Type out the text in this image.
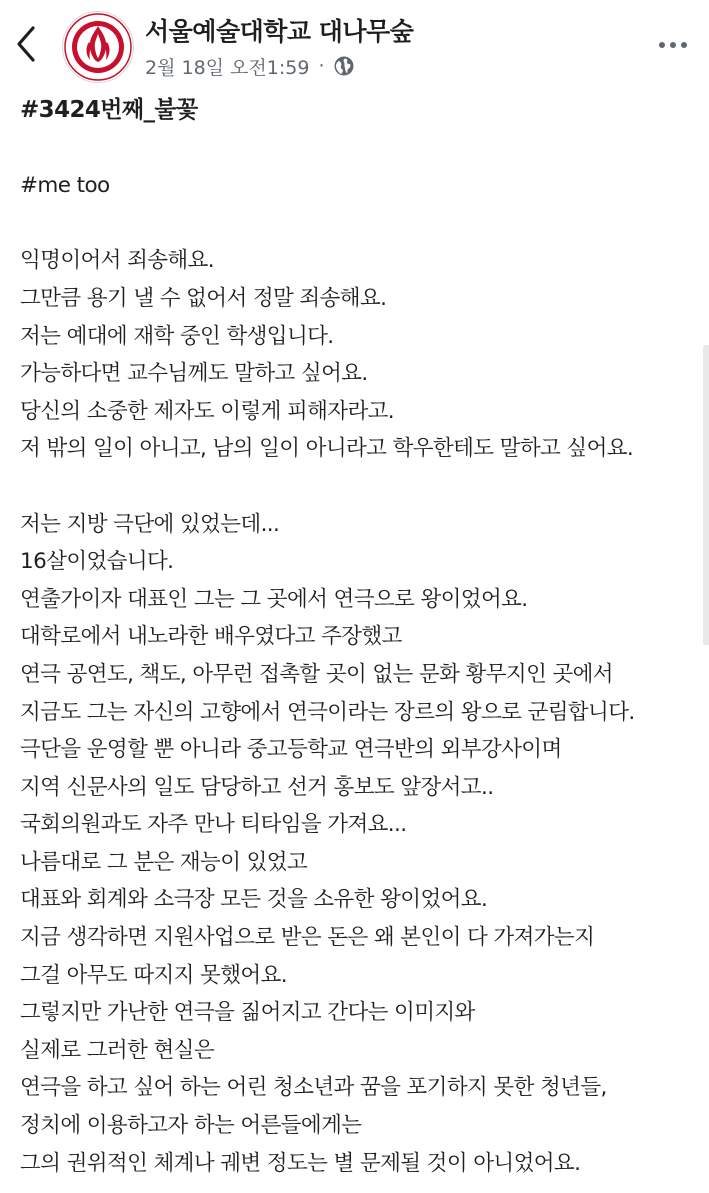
서울예술대학교 대나무숲
2월 18일 오전1:59 ·
#3424번째_불꽃
#me too
익명이어서 죄송해요.
그만큼 용기 낼 수 없어서 정말 죄송해요.
저는 예대에 재학 중인 학생입니다.
가능하다면 교수님께도 말하고 싶어요.
당신의 소중한 제자도 이렇게 피해자라고.
저 밖의 일이 아니고, 남의 일이 아니라고 학우한테도 말하고 싶어요.
저는 지방 극단에 있었는데...
16살이었습니다.
연출가이자 대표인 그는 그 곳에서 연극으로 왕이었어요.
대학로에서 내노라한 배우였다고 주장했고
연극 공연도, 책도, 아무런 접촉할 곳이 없는 문화 황무지인 곳에서
지금도 그는 자신의 고향에서 연극이라는 장르의 왕으로 군림합니다.
극단을 운영할 뿐 아니라 중고등학교 연극반의 외부강사이며
지역 신문사의 일도 담당하고 선거 홍보도 앞장서고..
국회의원과도 자주 만나 티타임을 가져요...
나름대로 그 분은 재능이 있었고
대표와 회계와 소극장 모든 것을 소유한 왕이었어요.
지금 생각하면 지원사업으로 받은 돈은 왜 본인이 다 가져가는지
그걸 아무도 따지지 못했어요.
그렇지만 가난한 연극을 짊어지고 간다는 이미지와
실제로 그러한 현실은
연극을 하고 싶어 하는 어린 청소년과 꿈을 포기하지 못한 청년들,
정치에 이용하고자 하는 어른들에게는
그의 권위적인 체계나 궤변 정도는 별 문제될 것이 아니었어요.
